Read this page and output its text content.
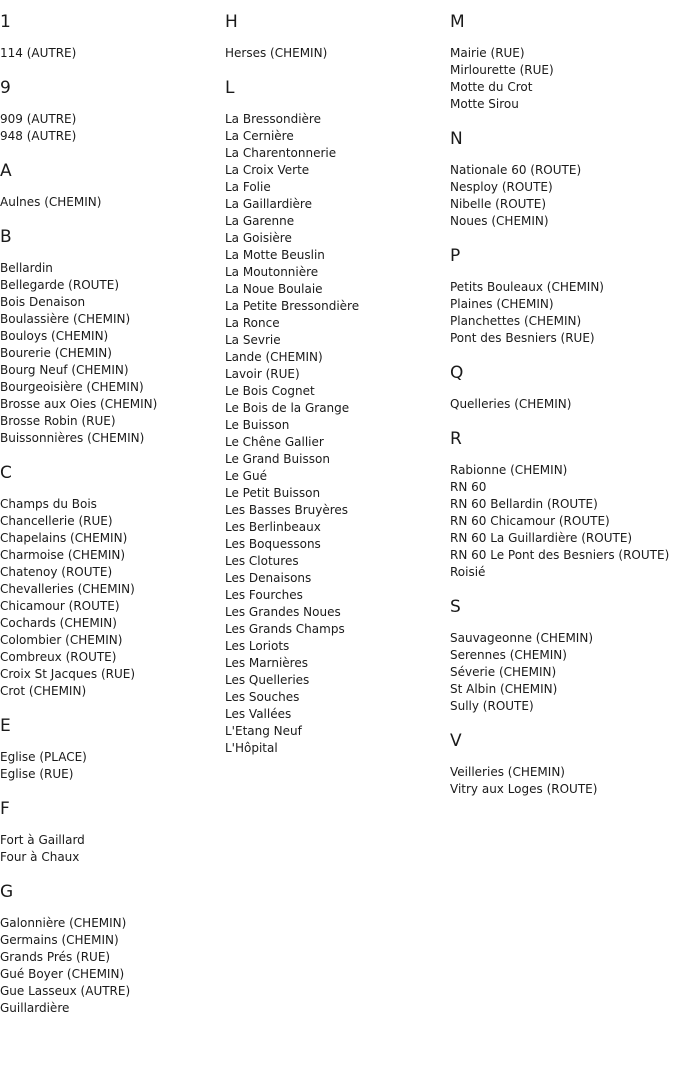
1
114 (AUTRE)
9
909 (AUTRE)
948 (AUTRE)
A
Aulnes (CHEMIN)
B
Bellardin
Bellegarde (ROUTE)
Bois Denaison
Boulassière (CHEMIN)
Bouloys (CHEMIN)
Bourerie (CHEMIN)
Bourg Neuf (CHEMIN)
Bourgeoisière (CHEMIN)
Brosse aux Oies (CHEMIN)
Brosse Robin (RUE)
Buissonnières (CHEMIN)
C
Champs du Bois
Chancellerie (RUE)
Chapelains (CHEMIN)
Charmoise (CHEMIN)
Chatenoy (ROUTE)
Chevalleries (CHEMIN)
Chicamour (ROUTE)
Cochards (CHEMIN)
Colombier (CHEMIN)
Combreux (ROUTE)
Croix St Jacques (RUE)
Crot (CHEMIN)
E
Eglise (PLACE)
Eglise (RUE)
F
Fort à Gaillard
Four à Chaux
G
Galonnière (CHEMIN)
Germains (CHEMIN)
Grands Prés (RUE)
Gué Boyer (CHEMIN)
Gue Lasseux (AUTRE)
Guillardière
H
Herses (CHEMIN)
L
La Bressondière
La Cernière
La Charentonnerie
La Croix Verte
La Folie
La Gaillardière
La Garenne
La Goisière
La Motte Beuslin
La Moutonnière
La Noue Boulaie
La Petite Bressondière
La Ronce
La Sevrie
Lande (CHEMIN)
Lavoir (RUE)
Le Bois Cognet
Le Bois de la Grange
Le Buisson
Le Chêne Gallier
Le Grand Buisson
Le Gué
Le Petit Buisson
Les Basses Bruyères
Les Berlinbeaux
Les Boquessons
Les Clotures
Les Denaisons
Les Fourches
Les Grandes Noues
Les Grands Champs
Les Loriots
Les Marnières
Les Quelleries
Les Souches
Les Vallées
L'Etang Neuf
L'Hôpital
M
Mairie (RUE)
Mirlourette (RUE)
Motte du Crot
Motte Sirou
N
Nationale 60 (ROUTE)
Nesploy (ROUTE)
Nibelle (ROUTE)
Noues (CHEMIN)
P
Petits Bouleaux (CHEMIN)
Plaines (CHEMIN)
Planchettes (CHEMIN)
Pont des Besniers (RUE)
Q
Quelleries (CHEMIN)
R
Rabionne (CHEMIN)
RN 60
RN 60 Bellardin (ROUTE)
RN 60 Chicamour (ROUTE)
RN 60 La Guillardière (ROUTE)
RN 60 Le Pont des Besniers (ROUTE)
Roisié
S
Sauvageonne (CHEMIN)
Serennes (CHEMIN)
Séverie (CHEMIN)
St Albin (CHEMIN)
Sully (ROUTE)
V
Veilleries (CHEMIN)
Vitry aux Loges (ROUTE)
